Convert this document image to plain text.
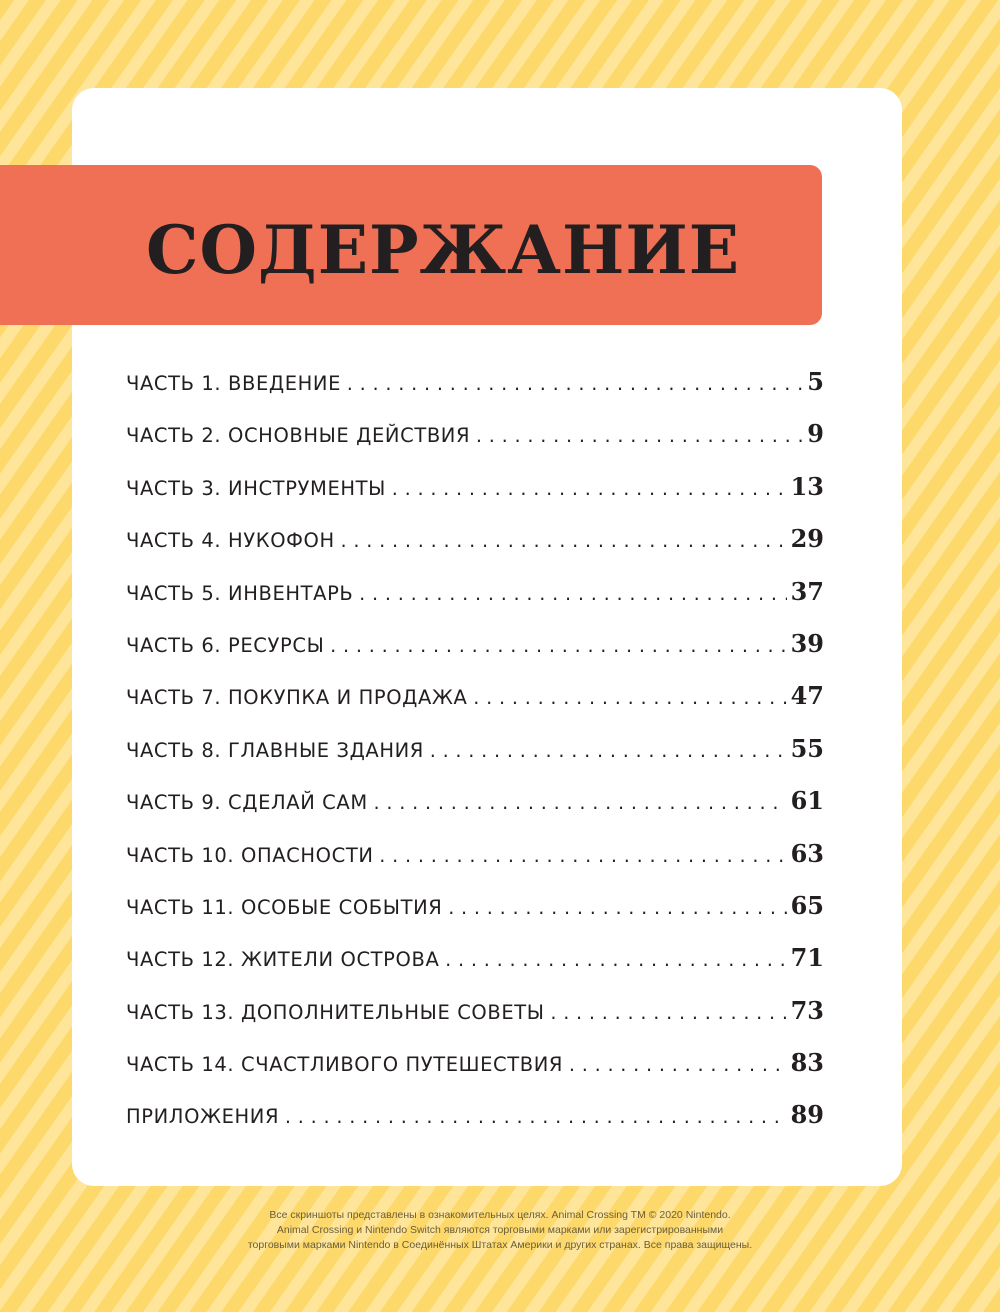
СОДЕРЖАНИЕ
ЧАСТЬ 1. ВВЕДЕНИЕ . . .	5
ЧАСТЬ 2. ОСНОВНЫЕ ДЕЙСТВИЯ . . .	9
ЧАСТЬ 3. ИНСТРУМЕНТЫ . . .	13
ЧАСТЬ 4. НУКОФОН . . .	29
ЧАСТЬ 5. ИНВЕНТАРЬ . . .	37
ЧАСТЬ 6. РЕСУРСЫ . . .	39
ЧАСТЬ 7. ПОКУПКА И ПРОДАЖА . . .	47
ЧАСТЬ 8. ГЛАВНЫЕ ЗДАНИЯ . . .	55
ЧАСТЬ 9. СДЕЛАЙ САМ . . .	61
ЧАСТЬ 10. ОПАСНОСТИ . . .	63
ЧАСТЬ 11. ОСОБЫЕ СОБЫТИЯ . . .	65
ЧАСТЬ 12. ЖИТЕЛИ ОСТРОВА . . .	71
ЧАСТЬ 13. ДОПОЛНИТЕЛЬНЫЕ СОВЕТЫ . . .	73
ЧАСТЬ 14. СЧАСТЛИВОГО ПУТЕШЕСТВИЯ . . .	83
ПРИЛОЖЕНИЯ . . .	89
Все скриншоты представлены в ознакомительных целях. Animal Crossing TM © 2020 Nintendo.
Animal Crossing и Nintendo Switch являются торговыми марками или зарегистрированными
торговыми марками Nintendo в Соединённых Штатах Америки и других странах. Все права защищены.
